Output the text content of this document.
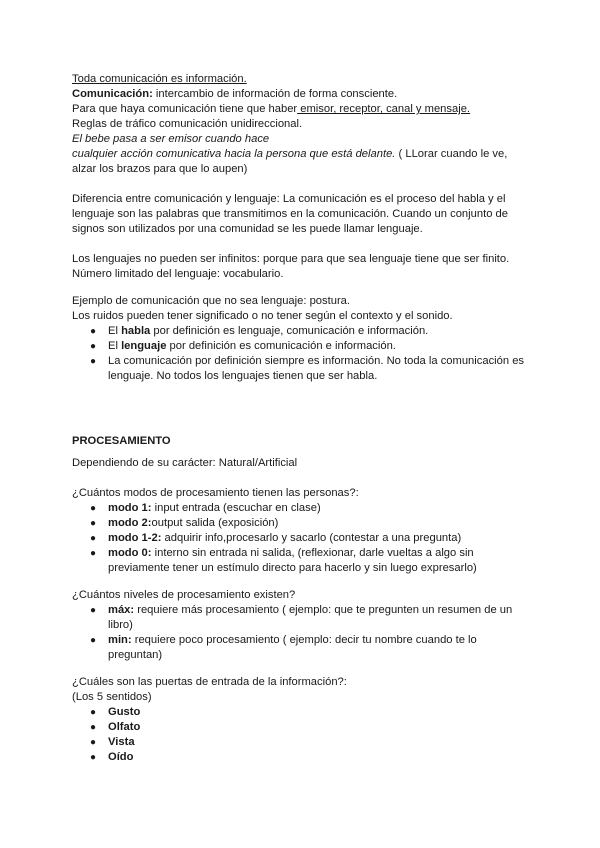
Toda comunicación es información.
Comunicación: intercambio de información de forma consciente.
Para que haya comunicación tiene que haber emisor, receptor, canal y mensaje.
Reglas de tráfico comunicación unidireccional.
El bebe pasa a ser emisor cuando hace
cualquier acción comunicativa hacia la persona que está delante. ( LLorar cuando le ve,
alzar los brazos para que lo aupen)
Diferencia entre comunicación y lenguaje: La comunicación es el proceso del habla y el
lenguaje son las palabras que transmitimos en la comunicación. Cuando un conjunto de
signos son utilizados por una comunidad se les puede llamar lenguaje.
Los lenguajes no pueden ser infinitos: porque para que sea lenguaje tiene que ser finito.
Número limitado del lenguaje: vocabulario.
Ejemplo de comunicación que no sea lenguaje: postura.
Los ruidos pueden tener significado o no tener según el contexto y el sonido.
● El habla por definición es lenguaje, comunicación e información.
● El lenguaje por definición es comunicación e información.
● La comunicación por definición siempre es información. No toda la comunicación es
lenguaje. No todos los lenguajes tienen que ser habla.
PROCESAMIENTO
Dependiendo de su carácter: Natural/Artificial
¿Cuántos modos de procesamiento tienen las personas?:
● modo 1: input entrada (escuchar en clase)
● modo 2:output salida (exposición)
● modo 1-2: adquirir info,procesarlo y sacarlo (contestar a una pregunta)
● modo 0: interno sin entrada ni salida, (reflexionar, darle vueltas a algo sin
previamente tener un estímulo directo para hacerlo y sin luego expresarlo)
¿Cuántos niveles de procesamiento existen?
● máx: requiere más procesamiento ( ejemplo: que te pregunten un resumen de un
libro)
● min: requiere poco procesamiento ( ejemplo: decir tu nombre cuando te lo
preguntan)
¿Cuáles son las puertas de entrada de la información?:
(Los 5 sentidos)
● Gusto
● Olfato
● Vista
● Oído
